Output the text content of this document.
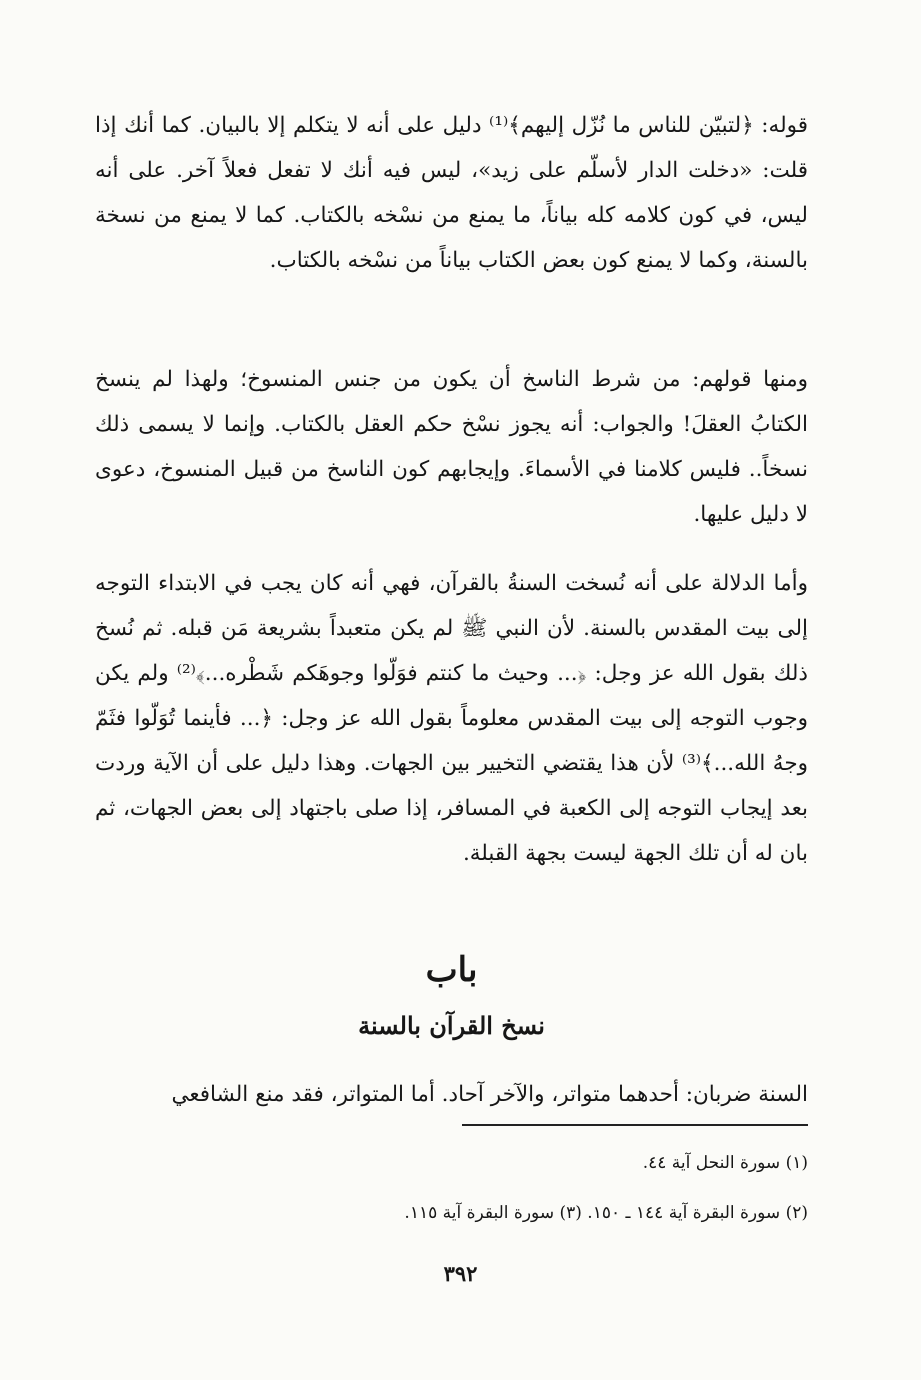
قوله: ﴿لتبيّن للناس ما نُزّل إليهم﴾⁽¹⁾ دليل على أنه لا يتكلم إلا بالبيان. كما أنك إذا قلت: «دخلت الدار لأسلّم على زيد»، ليس فيه أنك لا تفعل فعلاً آخر. على أنه ليس، في كون كلامه كله بياناً، ما يمنع من نسْخه بالكتاب. كما لا يمنع من نسخة بالسنة، وكما لا يمنع كون بعض الكتاب بياناً من نسْخه بالكتاب.

ومنها قولهم: من شرط الناسخ أن يكون من جنس المنسوخ؛ ولهذا لم ينسخ الكتابُ العقلَ! والجواب: أنه يجوز نسْخ حكم العقل بالكتاب. وإنما لا يسمى ذلك نسخاً.. فليس كلامنا في الأسماءَ. وإيجابهم كون الناسخ من قبيل المنسوخ، دعوى لا دليل عليها.

وأما الدلالة على أنه نُسخت السنةُ بالقرآن، فهي أنه كان يجب في الابتداء التوجه إلى بيت المقدس بالسنة. لأن النبي ﷺ لم يكن متعبداً بشريعة مَن قبله. ثم نُسخ ذلك بقول الله عز وجل: ﴿... وحيث ما كنتم فوَلّوا وجوهَكم شَطْره...﴾⁽²⁾ ولم يكن وجوب التوجه إلى بيت المقدس معلوماً بقول الله عز وجل: ﴿... فأينما تُوَلّوا فثَمّ وجهُ الله...﴾⁽³⁾ لأن هذا يقتضي التخيير بين الجهات. وهذا دليل على أن الآية وردت بعد إيجاب التوجه إلى الكعبة في المسافر، إذا صلى باجتهاد إلى بعض الجهات، ثم بان له أن تلك الجهة ليست بجهة القبلة.

باب
نسخ القرآن بالسنة

السنة ضربان: أحدهما متواتر، والآخر آحاد. أما المتواتر، فقد منع الشافعي

(١) سورة النحل آية ٤٤.

(٢) سورة البقرة آية ١٤٤ ـ ١٥٠. (٣) سورة البقرة آية ١١٥.

٣٩٢
